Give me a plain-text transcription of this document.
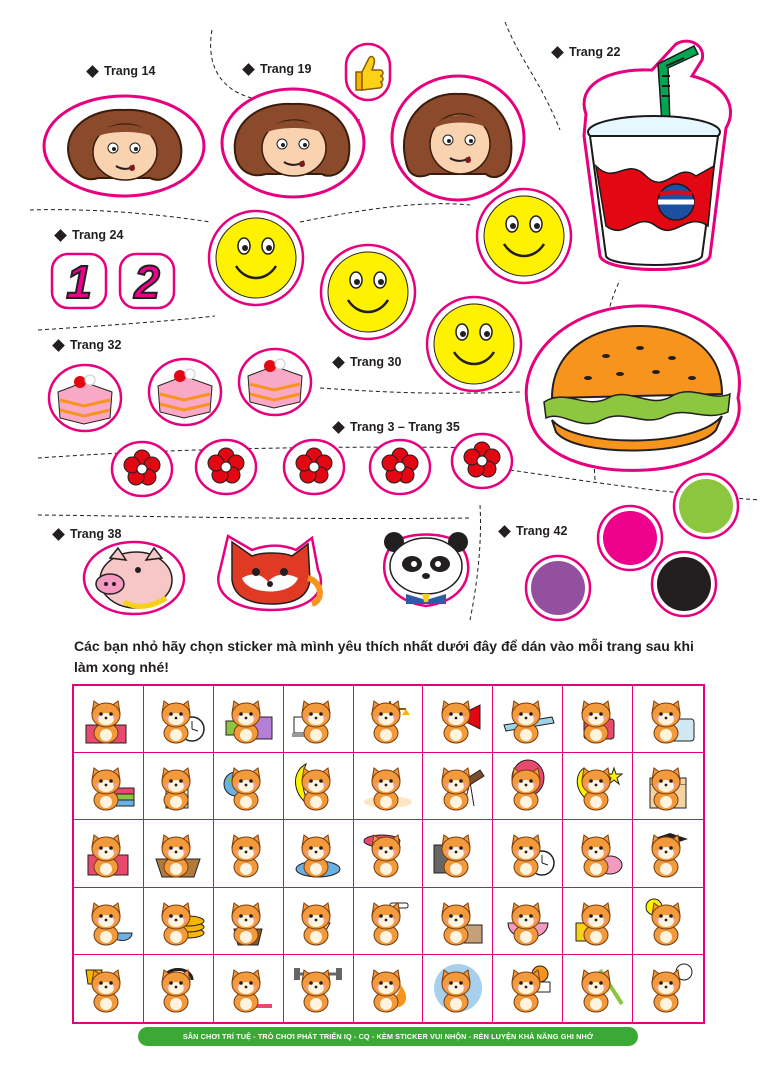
Trang 14	Trang 19
Trang 22
Trang 24
Trang 32
Trang 30
Trang 3 – Trang 35
Trang 38	Trang 42
1 2
Các bạn nhỏ hãy chọn sticker mà mình yêu thích nhất dưới đây để dán vào mỗi trang sau khi làm xong nhé!
SÂN CHƠI TRÍ TUỆ - TRÒ CHƠI PHÁT TRIỂN IQ - CQ - KÈM STICKER VUI NHỘN - RÈN LUYỆN KHẢ NĂNG GHI NHỚ
